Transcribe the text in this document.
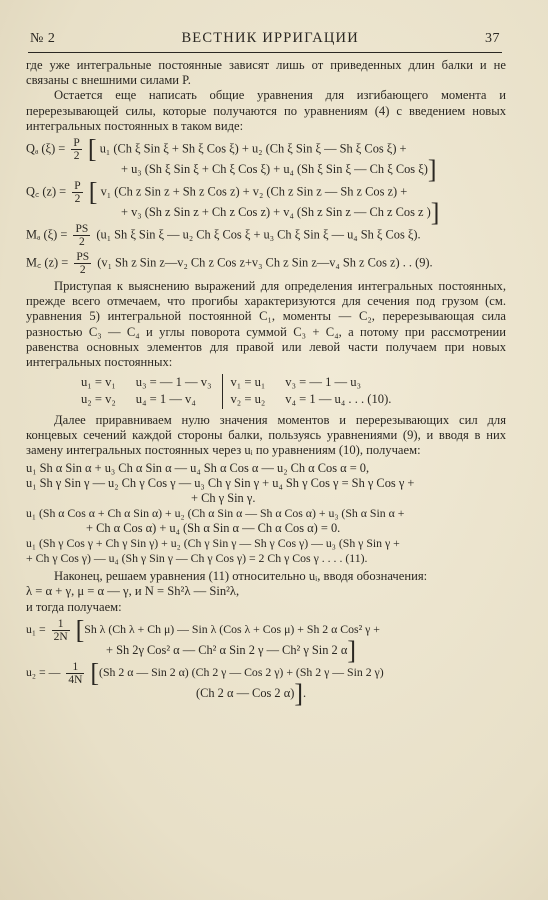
№ 2	ВЕСТНИК ИРРИГАЦИИ	37

где уже интегральные постоянные зависят лишь от приведенных длин балки и не связаны с внешними силами P.

Остается еще написать общие уравнения для изгибающего момента и перерезывающей силы, которые получаются по уравнениям (4) с введением новых интегральных постоянных в таком виде:

Qₐ $(\xi) = \frac{P}{2}$ [ u₁ (Ch ξ Sin ξ + Sh ξ Cos ξ) + u₂ (Ch ξ Sin ξ — Sh ξ Cos ξ) +
+ u₃ (Sh ξ Sin ξ + Ch ξ Cos ξ) + u₄ (Sh ξ Sin ξ — Ch ξ Cos ξ)]
Q꜀ $(z) = \frac{P}{2}$ [ v₁ (Ch z Sin z + Sh z Cos z) + v₂ (Ch z Sin z — Sh z Cos z) +
+ v₃ (Sh z Sin z + Ch z Cos z) + v₄ (Sh z Sin z — Ch z Cos z )]
Mₐ $(\xi) = \frac{PS}{2} (u_1$ Sh ξ Sin ξ — u₂ Ch ξ Cos ξ + u₃ Ch ξ Sin ξ — u₄ Sh ξ Cos ξ).
M꜀ $(z) = \frac{PS}{2} (v_1$ Sh z Sin z—v₂ Ch z Cos z+v₃ Ch z Sin z—v₄ Sh z Cos z) . . (9).

Приступая к выяснению выражений для определения интегральных постоянных, прежде всего отмечаем, что прогибы характеризуются для сечения под грузом (см. уравнения 5) интегральной постоянной C₁, моменты — C₂, перерезывающая сила разностью C₃ — C₄ и углы поворота суммой C₃ + C₄, а потому при рассмотрении равенства основных элементов для правой или левой части получаем при новых интегральных постоянных:

u₁ = v₁	u₃ = — 1 — v₃	v₁ = u₁	v₃ = — 1 — u₃
u₂ = v₂	u₄ = 1 — v₄	v₂ = u₂	v₄ = 1 — u₄ . . . (10).

Далее приравниваем нулю значения моментов и перерезывающих сил для концевых сечений каждой стороны балки, пользуясь уравнениями (9), и вводя в них замену интегральных постоянных через uᵢ по уравнениям (10), получаем:

u₁ Sh α Sin α + u₃ Ch α Sin α — u₄ Sh α Cos α — u₂ Ch α Cos α = 0,
u₁ Sh γ Sin γ — u₂ Ch γ Cos γ — u₃ Ch γ Sin γ + u₄ Sh γ Cos γ = Sh γ Cos γ +
+ Ch γ Sin γ.
u₁ (Sh α Cos α + Ch α Sin α) + u₂ (Ch α Sin α — Sh α Cos α) + u₃ (Sh α Sin α +
+ Ch α Cos α) + u₄ (Sh α Sin α — Ch α Cos α) = 0.
u₁ (Sh γ Cos γ + Ch γ Sin γ) + u₂ (Ch γ Sin γ — Sh γ Cos γ) — u₃ (Sh γ Sin γ +
+ Ch γ Cos γ) — u₄ (Sh γ Sin γ — Ch γ Cos γ) = 2 Ch γ Cos γ . . . . (11).

Наконец, решаем уравнения (11) относительно uᵢ, вводя обозначения:

λ = α + γ, μ = α — γ, и N = Sh²λ — Sin²λ,

и тогда получаем:

$u_1 = \frac{1}{2N} [Sh$ λ (Ch λ + Ch μ) — Sin λ (Cos λ + Cos μ) + Sh 2 α Cos² γ +
+ Sh 2γ Cos² α — Ch² α Sin 2 γ — Ch² γ Sin 2 α]
u₂ = — $\frac{1}{4N} [(Sh$ 2 α — Sin 2 α) (Ch 2 γ — Cos 2 γ) + (Sh 2 γ — Sin 2 γ)
(Ch 2 α — Cos 2 α)].
